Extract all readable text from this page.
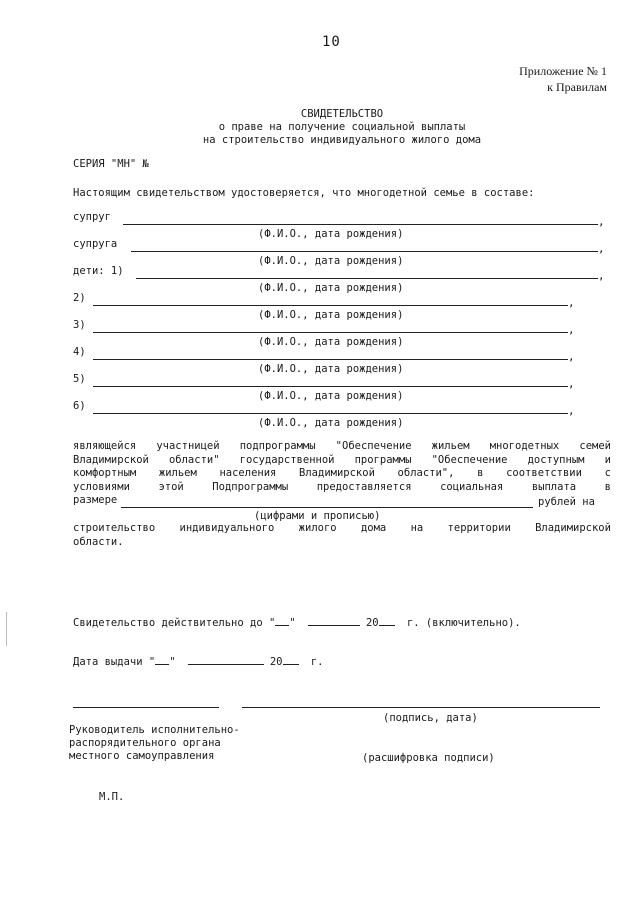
10
Приложение № 1
к Правилам
СВИДЕТЕЛЬСТВО
о праве на получение социальной выплаты
на строительство индивидуального жилого дома
СЕРИЯ "МН" №
Настоящим свидетельством удостоверяется, что многодетной семье в составе:
супруг	,
(Ф.И.О., дата рождения)
супруга	,
(Ф.И.О., дата рождения)
дети: 1)	,
(Ф.И.О., дата рождения)
2)	,
(Ф.И.О., дата рождения)
3)	,
(Ф.И.О., дата рождения)
4)	,
(Ф.И.О., дата рождения)
5)	,
(Ф.И.О., дата рождения)
6)	,
(Ф.И.О., дата рождения)
являющейся участницей подпрограммы "Обеспечение жильем многодетных семей
Владимирской области" государственной программы "Обеспечение доступным и
комфортным жильем населения Владимирской области", в соответствии с
условиями	этой	Подпрограммы	предоставляется	социальная	выплата	в
размере	рублей на
(цифрами и прописью)
строительство индивидуального жилого дома на территории Владимирской
области.
Свидетельство действительно до " "	20	г. (включительно).
Дата выдачи " "	20	г.
(подпись, дата)
Руководитель исполнительно-
распорядительного органа
местного самоуправления	(расшифровка подписи)
М.П.
